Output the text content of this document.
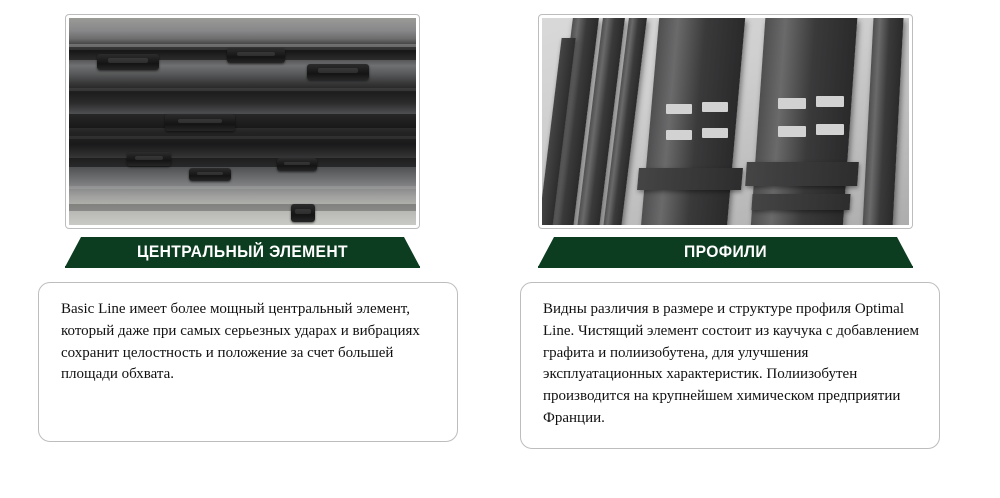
ЦЕНТРАЛЬНЫЙ ЭЛЕМЕНТ

Basic Line имеет более мощный центральный элемент, который даже при самых серьезных ударах и вибрациях сохранит целостность и положение за счет большей площади обхвата.

ПРОФИЛИ

Видны различия в размере и структуре профиля Optimal Line. Чистящий элемент состоит из каучука с добавлением графита и полиизобутена, для улучшения эксплуатационных характеристик. Полиизобутен производится на крупнейшем химическом предприятии Франции.
